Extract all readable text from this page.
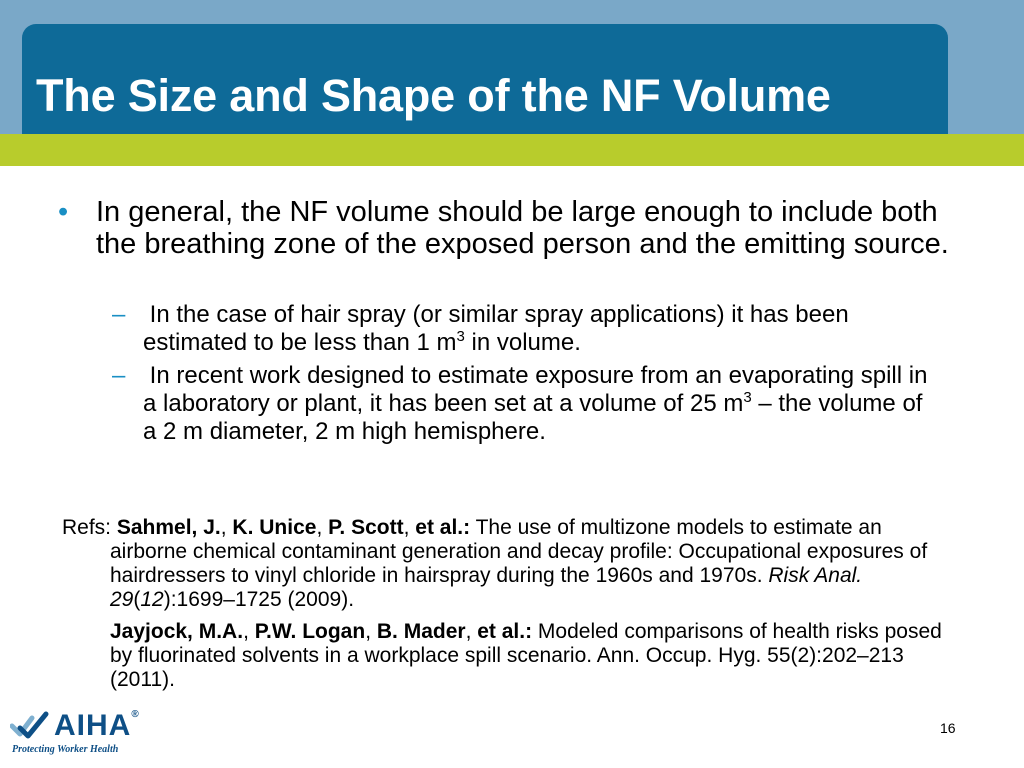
The Size and Shape of the NF Volume
• In general, the NF volume should be large enough to include both the breathing zone of the exposed person and the emitting source.
– In the case of hair spray (or similar spray applications) it has been estimated to be less than 1 $m^3$ in volume.
– In recent work designed to estimate exposure from an evaporating spill in a laboratory or plant, it has been set at a volume of 25 $m^3$ – the volume of a 2 m diameter, 2 m high hemisphere.
Refs: Sahmel, J., K. Unice, P. Scott, et al.: The use of multizone models to estimate an airborne chemical contaminant generation and decay profile: Occupational exposures of hairdressers to vinyl chloride in hairspray during the 1960s and 1970s. Risk Anal. 29(12):1699–1725 (2009).
Jayjock, M.A., P.W. Logan, B. Mader, et al.: Modeled comparisons of health risks posed by fluorinated solvents in a workplace spill scenario. Ann. Occup. Hyg. 55(2):202–213 (2011).
AIHA®
Protecting Worker Health
16
